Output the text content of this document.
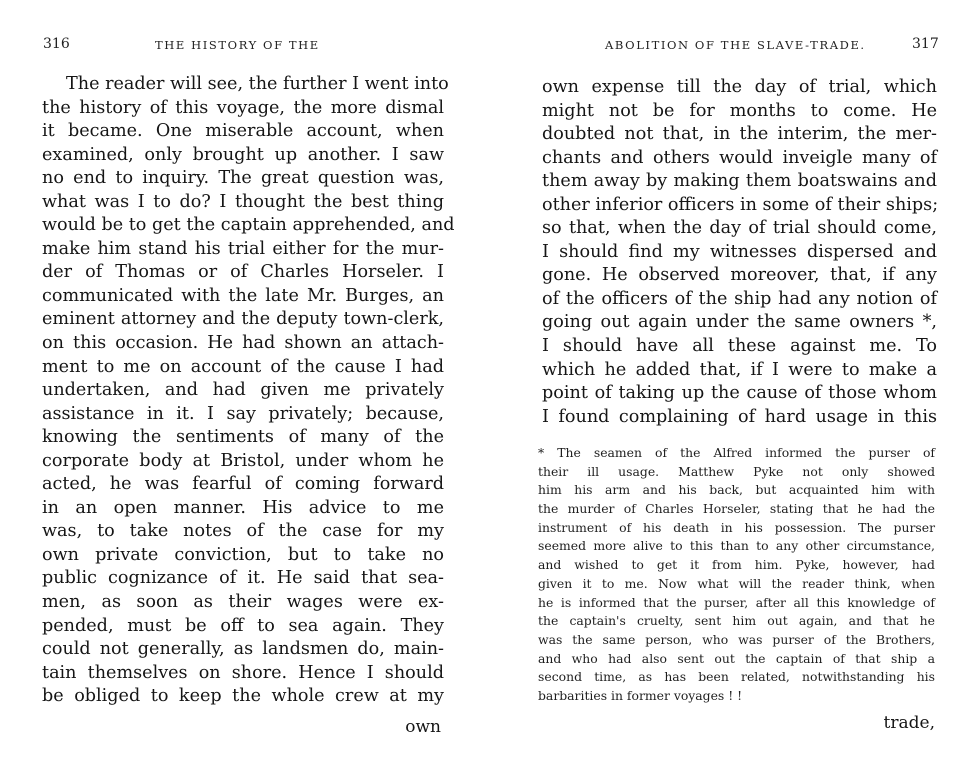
316	THE HISTORY OF THE
The reader will see, the further I went into
the history of this voyage, the more dismal
it became. One miserable account, when
examined, only brought up another. I saw
no end to inquiry. The great question was,
what was I to do? I thought the best thing
would be to get the captain apprehended, and
make him stand his trial either for the mur-
der of Thomas or of Charles Horseler. I
communicated with the late Mr. Burges, an
eminent attorney and the deputy town-clerk,
on this occasion. He had shown an attach-
ment to me on account of the cause I had
undertaken, and had given me privately
assistance in it. I say privately; because,
knowing the sentiments of many of the
corporate body at Bristol, under whom he
acted, he was fearful of coming forward
in an open manner. His advice to me
was, to take notes of the case for my
own private conviction, but to take no
public cognizance of it. He said that sea-
men, as soon as their wages were ex-
pended, must be off to sea again. They
could not generally, as landsmen do, main-
tain themselves on shore. Hence I should
be obliged to keep the whole crew at my
own
ABOLITION OF THE SLAVE-TRADE.	317
own expense till the day of trial, which
might not be for months to come. He
doubted not that, in the interim, the mer-
chants and others would inveigle many of
them away by making them boatswains and
other inferior officers in some of their ships;
so that, when the day of trial should come,
I should find my witnesses dispersed and
gone. He observed moreover, that, if any
of the officers of the ship had any notion of
going out again under the same owners *,
I should have all these against me. To
which he added that, if I were to make a
point of taking up the cause of those whom
I found complaining of hard usage in this
* The seamen of the Alfred informed the purser of
their ill usage. Matthew Pyke not only showed
him his arm and his back, but acquainted him with
the murder of Charles Horseler, stating that he had the
instrument of his death in his possession. The purser
seemed more alive to this than to any other circumstance,
and wished to get it from him. Pyke, however, had
given it to me. Now what will the reader think, when
he is informed that the purser, after all this knowledge of
the captain's cruelty, sent him out again, and that he
was the same person, who was purser of the Brothers,
and who had also sent out the captain of that ship a
second time, as has been related, notwithstanding his
barbarities in former voyages ! !
trade,
